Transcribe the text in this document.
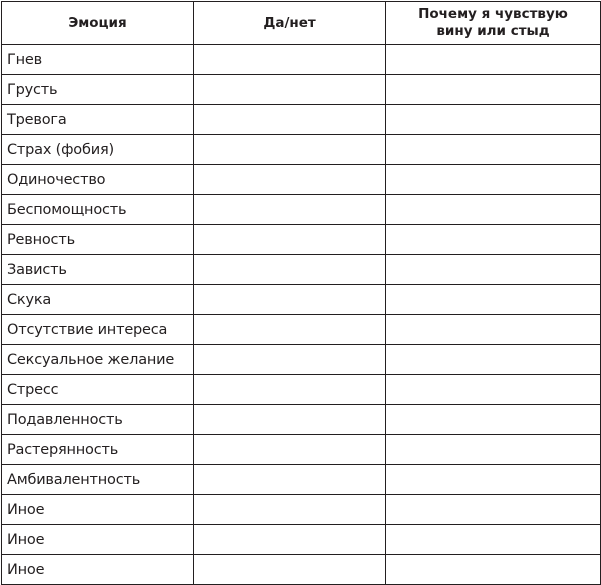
Эмоция	Да/нет	Почему я чувствую вину или стыд
Гнев		
Грусть		
Тревога		
Страх (фобия)		
Одиночество		
Беспомощность		
Ревность		
Зависть		
Скука		
Отсутствие интереса		
Сексуальное желание		
Стресс		
Подавленность		
Растерянность		
Амбивалентность		
Иное		
Иное		
Иное		
